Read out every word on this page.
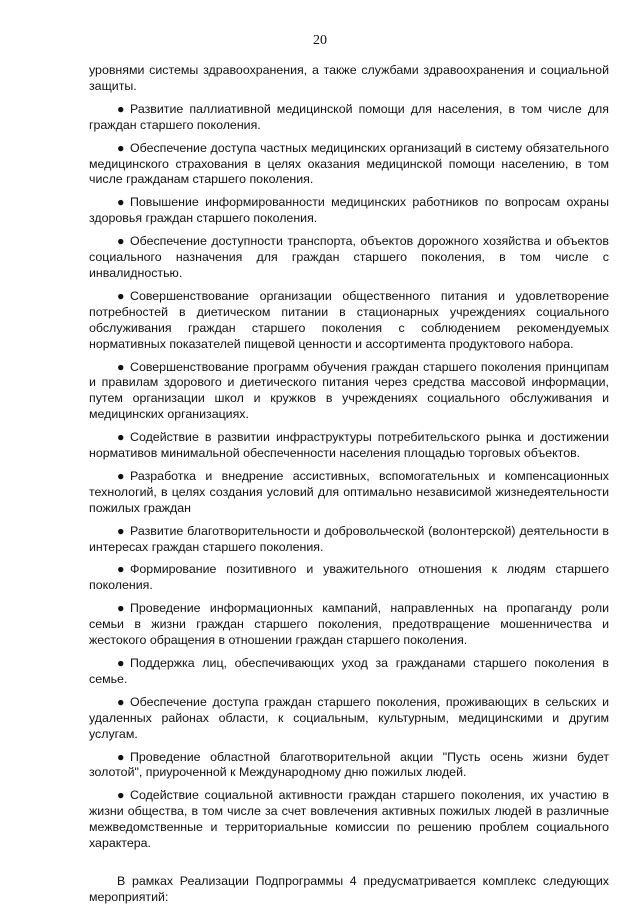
20

уровнями системы здравоохранения, а также службами здравоохранения и социальной защиты.

● Развитие паллиативной медицинской помощи для населения, в том числе для граждан старшего поколения.

● Обеспечение доступа частных медицинских организаций в систему обязательного медицинского страхования в целях оказания медицинской помощи населению, в том числе гражданам старшего поколения.

● Повышение информированности медицинских работников по вопросам охраны здоровья граждан старшего поколения.

● Обеспечение доступности транспорта, объектов дорожного хозяйства и объектов социального назначения для граждан старшего поколения, в том числе с инвалидностью.

● Совершенствование организации общественного питания и удовлетворение потребностей в диетическом питании в стационарных учреждениях социального обслуживания граждан старшего поколения с соблюдением рекомендуемых нормативных показателей пищевой ценности и ассортимента продуктового набора.

● Совершенствование программ обучения граждан старшего поколения принципам и правилам здорового и диетического питания через средства массовой информации, путем организации школ и кружков в учреждениях социального обслуживания и медицинских организациях.

● Содействие в развитии инфраструктуры потребительского рынка и достижении нормативов минимальной обеспеченности населения площадью торговых объектов.

● Разработка и внедрение ассистивных, вспомогательных и компенсационных технологий, в целях создания условий для оптимально независимой жизнедеятельности пожилых граждан

● Развитие благотворительности и добровольческой (волонтерской) деятельности в интересах граждан старшего поколения.

● Формирование позитивного и уважительного отношения к людям старшего поколения.

● Проведение информационных кампаний, направленных на пропаганду роли семьи в жизни граждан старшего поколения, предотвращение мошенничества и жестокого обращения в отношении граждан старшего поколения.

● Поддержка лиц, обеспечивающих уход за гражданами старшего поколения в семье.

● Обеспечение доступа граждан старшего поколения, проживающих в сельских и удаленных районах области, к социальным, культурным, медицинскими и другим услугам.

● Проведение областной благотворительной акции "Пусть осень жизни будет золотой", приуроченной к Международному дню пожилых людей.

● Содействие социальной активности граждан старшего поколения, их участию в жизни общества, в том числе за счет вовлечения активных пожилых людей в различные межведомственные и территориальные комиссии по решению проблем социального характера.

В рамках Реализации Подпрограммы 4 предусматривается комплекс следующих мероприятий:
